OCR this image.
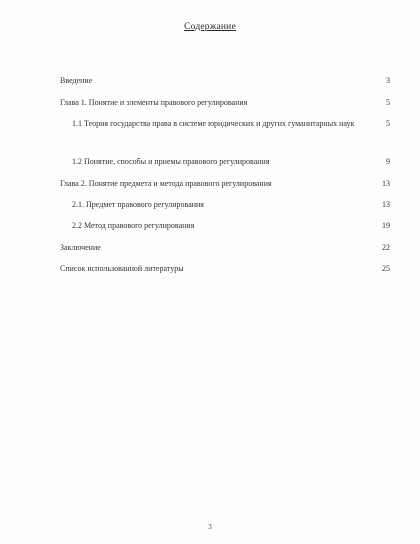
Содержание
Введение	3
Глава 1. Понятие и элементы правового регулирования	5
1.1 Теория государства права в системе юридических и других гуманитарных наук	5
1.2 Понятие, способы и приемы правового регулирования	9
Глава 2. Понятие предмета и метода правового регулирования	13
2.1. Предмет правового регулирования	13
2.2 Метод правового регулирования	19
Заключение	22
Список использованной литературы	25
3
